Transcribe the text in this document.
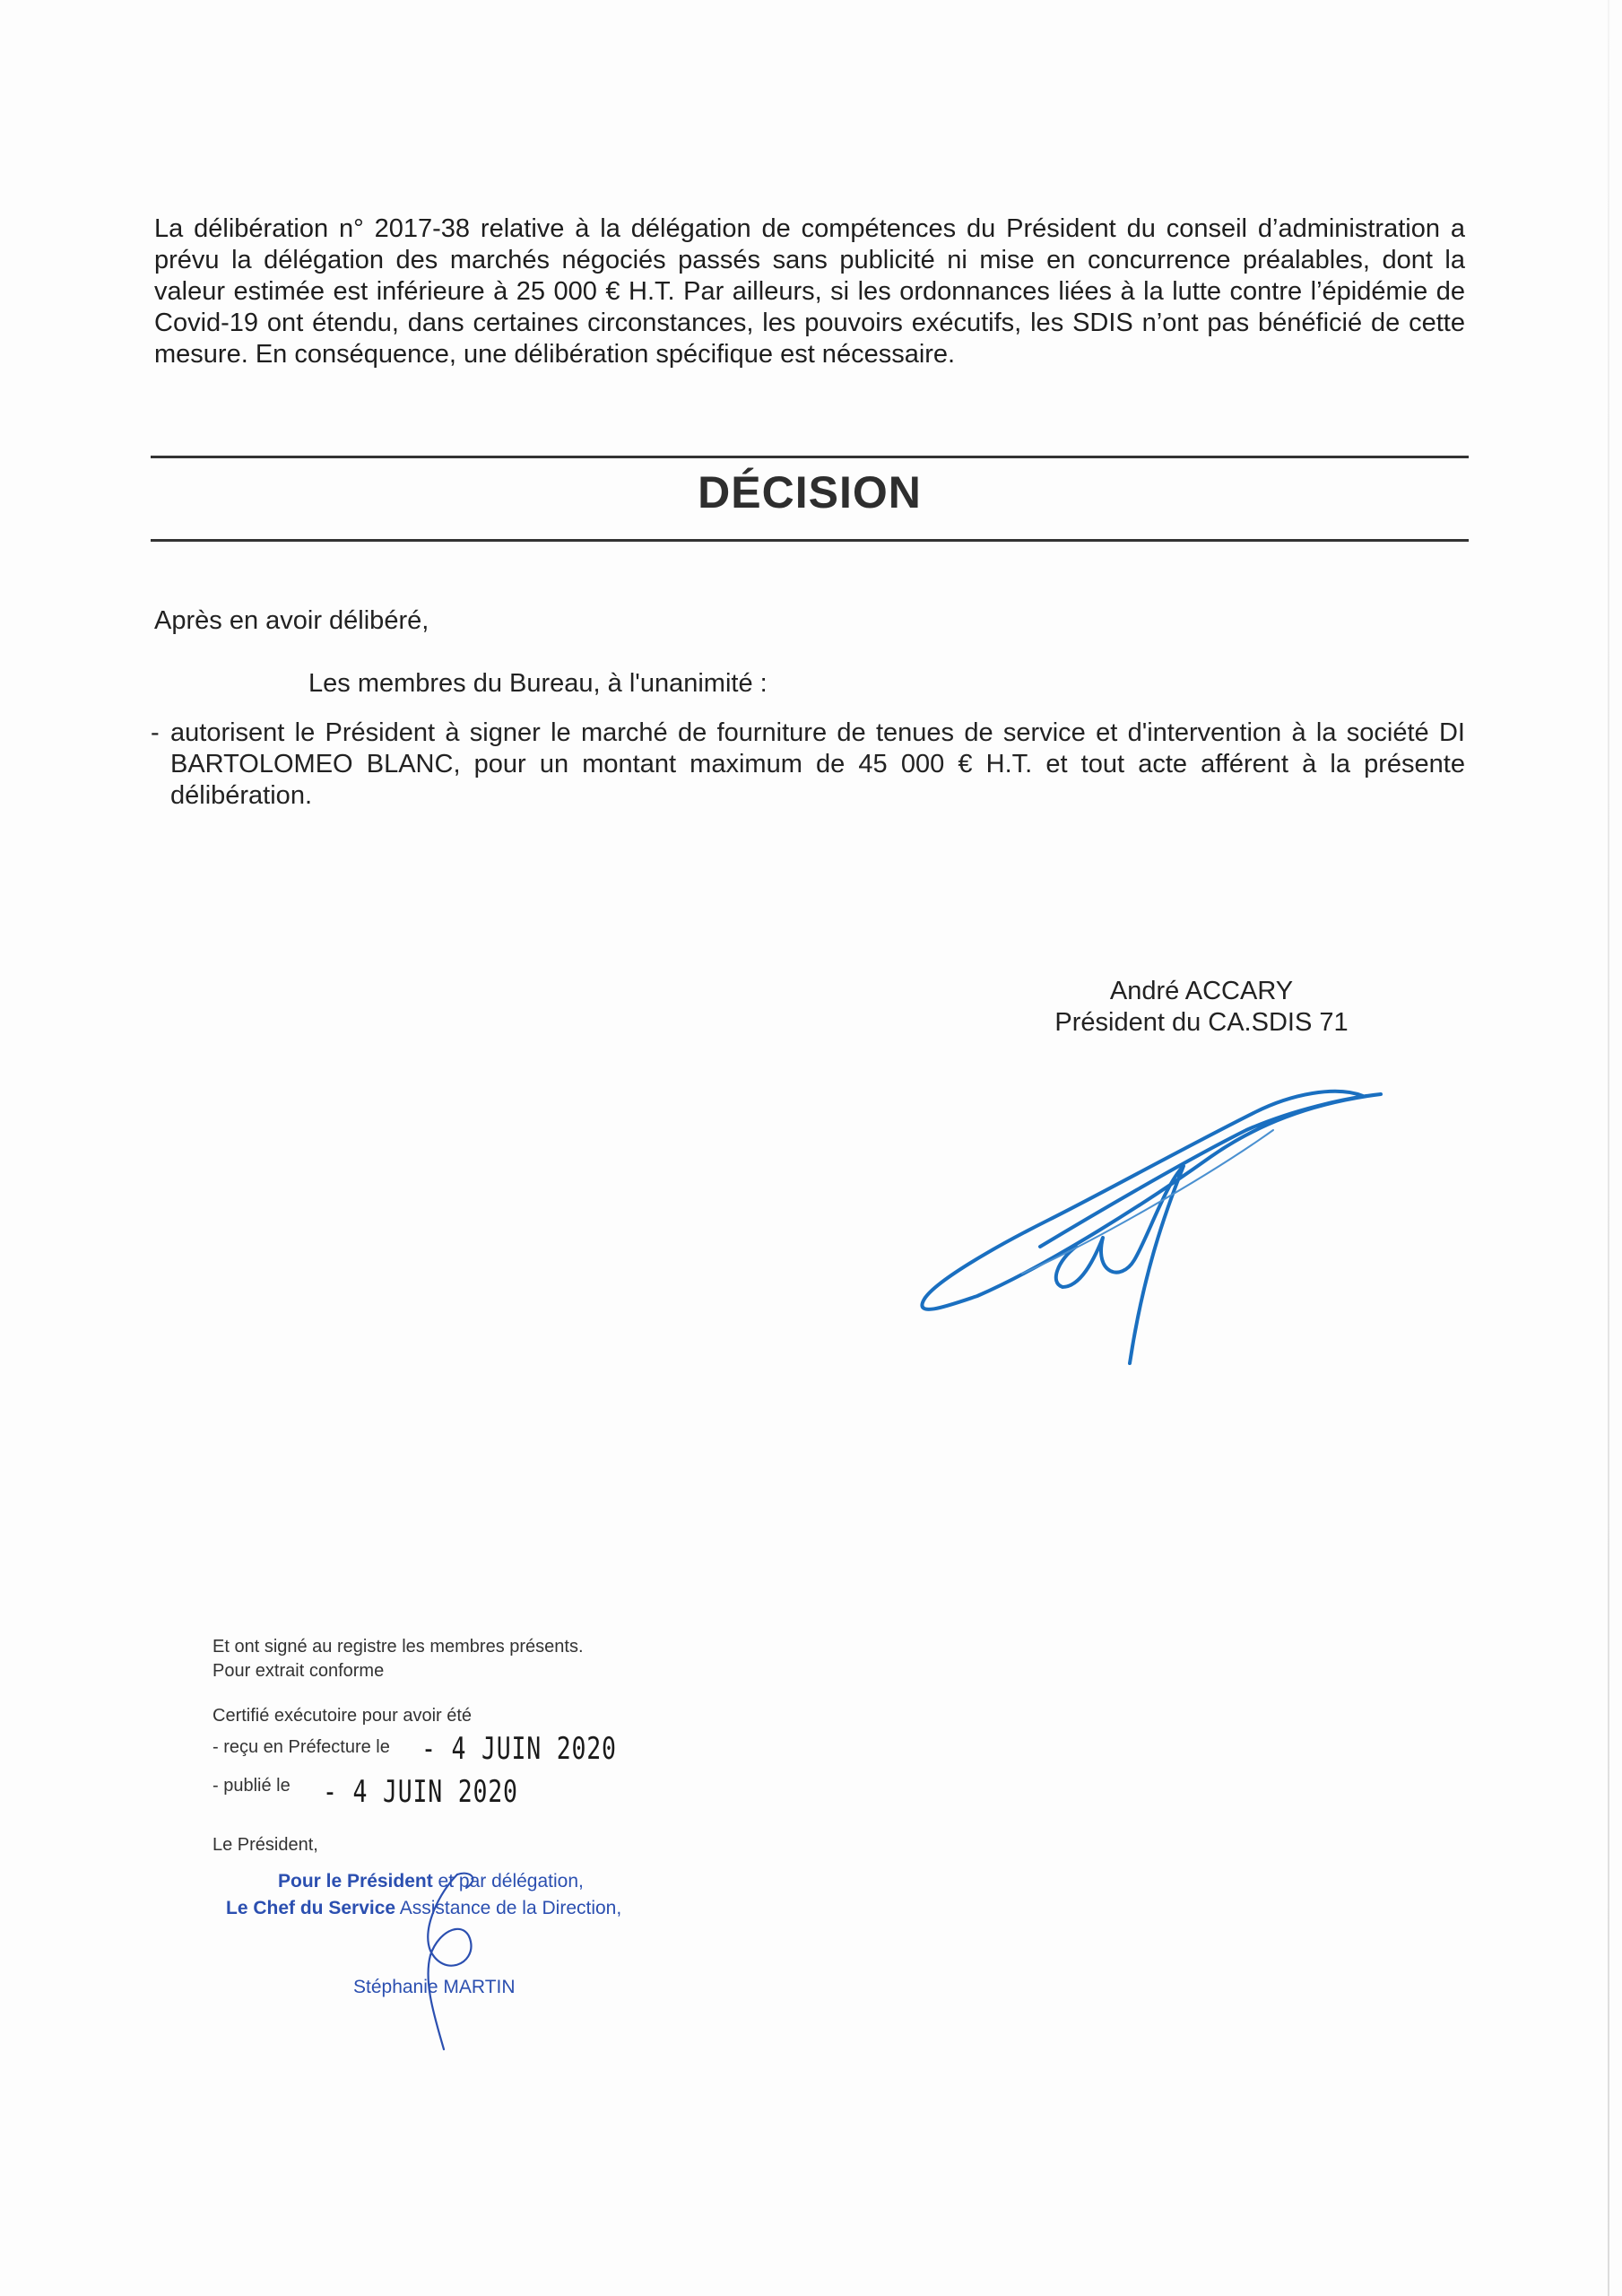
La délibération n° 2017-38 relative à la délégation de compétences du Président du conseil d’administration a prévu la délégation des marchés négociés passés sans publicité ni mise en concurrence préalables, dont la valeur estimée est inférieure à 25 000 € H.T. Par ailleurs, si les ordonnances liées à la lutte contre l’épidémie de Covid-19 ont étendu, dans certaines circonstances, les pouvoirs exécutifs, les SDIS n’ont pas bénéficié de cette mesure. En conséquence, une délibération spécifique est nécessaire.

DÉCISION

Après en avoir délibéré,

Les membres du Bureau, à l'unanimité :

- autorisent le Président à signer le marché de fourniture de tenues de service et d'intervention à la société DI BARTOLOMEO BLANC, pour un montant maximum de 45 000 € H.T. et tout acte afférent à la présente délibération.
André ACCARY
Président du CA.SDIS 71
Et ont signé au registre les membres présents.
Pour extrait conforme
Certifié exécutoire pour avoir été
- reçu en Préfecture le - 4 JUIN 2020
- publié le - 4 JUIN 2020
Le Président,
Pour le Président et par délégation,
Le Chef du Service Assistance de la Direction,
Stéphanie MARTIN
